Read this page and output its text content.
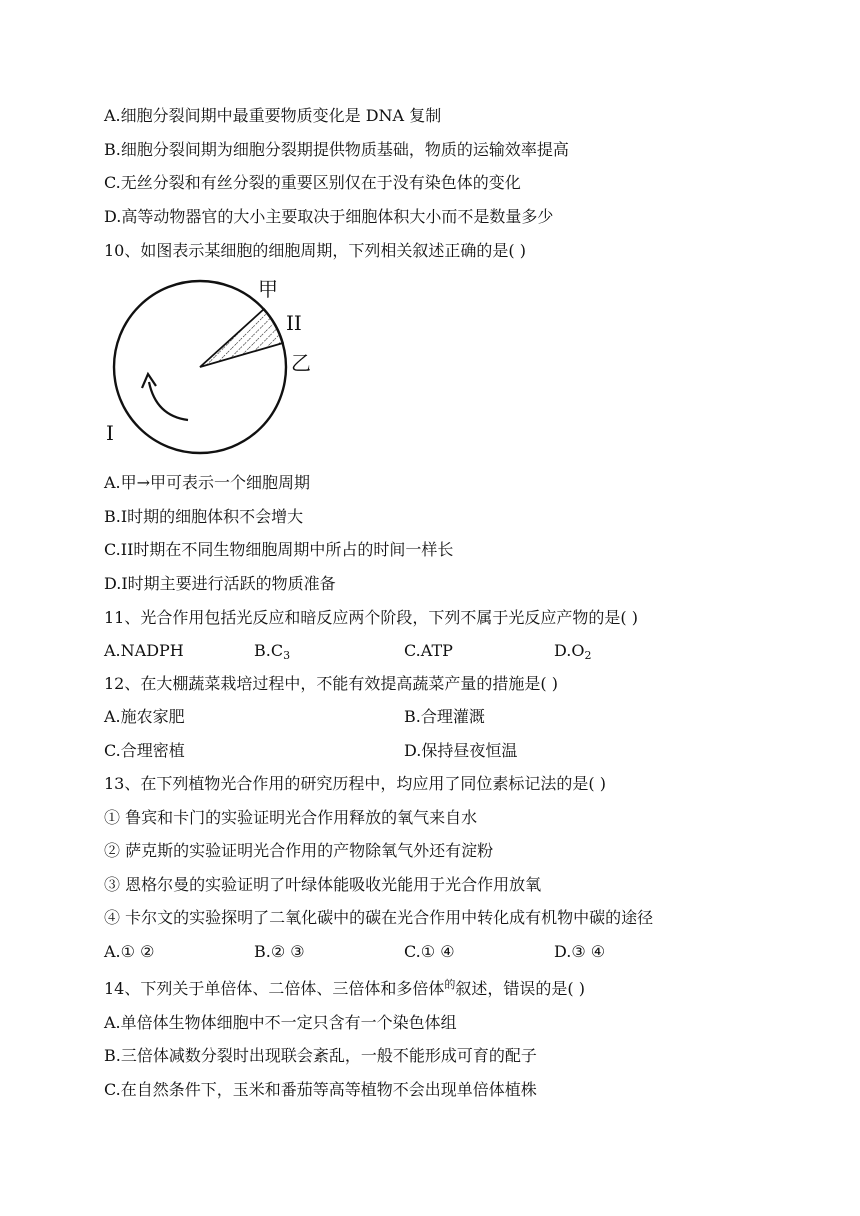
A.细胞分裂间期中最重要物质变化是 DNA 复制
B.细胞分裂间期为细胞分裂期提供物质基础，物质的运输效率提高
C.无丝分裂和有丝分裂的重要区别仅在于没有染色体的变化
D.高等动物器官的大小主要取决于细胞体积大小而不是数量多少
10、如图表示某细胞的细胞周期，下列相关叙述正确的是( )
甲
II
乙
I
A.甲→甲可表示一个细胞周期
B.I时期的细胞体积不会增大
C.II时期在不同生物细胞周期中所占的时间一样长
D.I时期主要进行活跃的物质准备
11、光合作用包括光反应和暗反应两个阶段，下列不属于光反应产物的是( )
A.NADPH	$B.C_3$	C.ATP	$D.O_2$
12、在大棚蔬菜栽培过程中，不能有效提高蔬菜产量的措施是( )
A.施农家肥	B.合理灌溉
C.合理密植	D.保持昼夜恒温
13、在下列植物光合作用的研究历程中，均应用了同位素标记法的是( )
① 鲁宾和卡门的实验证明光合作用释放的氧气来自水
② 萨克斯的实验证明光合作用的产物除氧气外还有淀粉
③ 恩格尔曼的实验证明了叶绿体能吸收光能用于光合作用放氧
④ 卡尔文的实验探明了二氧化碳中的碳在光合作用中转化成有机物中碳的途径
A.① ②	B.② ③	C.① ④	D.③ ④
14、下列关于单倍体、二倍体、三倍体和多倍体$^的$叙述，错误的是( )
A.单倍体生物体细胞中不一定只含有一个染色体组
B.三倍体减数分裂时出现联会紊乱，一般不能形成可育的配子
C.在自然条件下，玉米和番茄等高等植物不会出现单倍体植株
